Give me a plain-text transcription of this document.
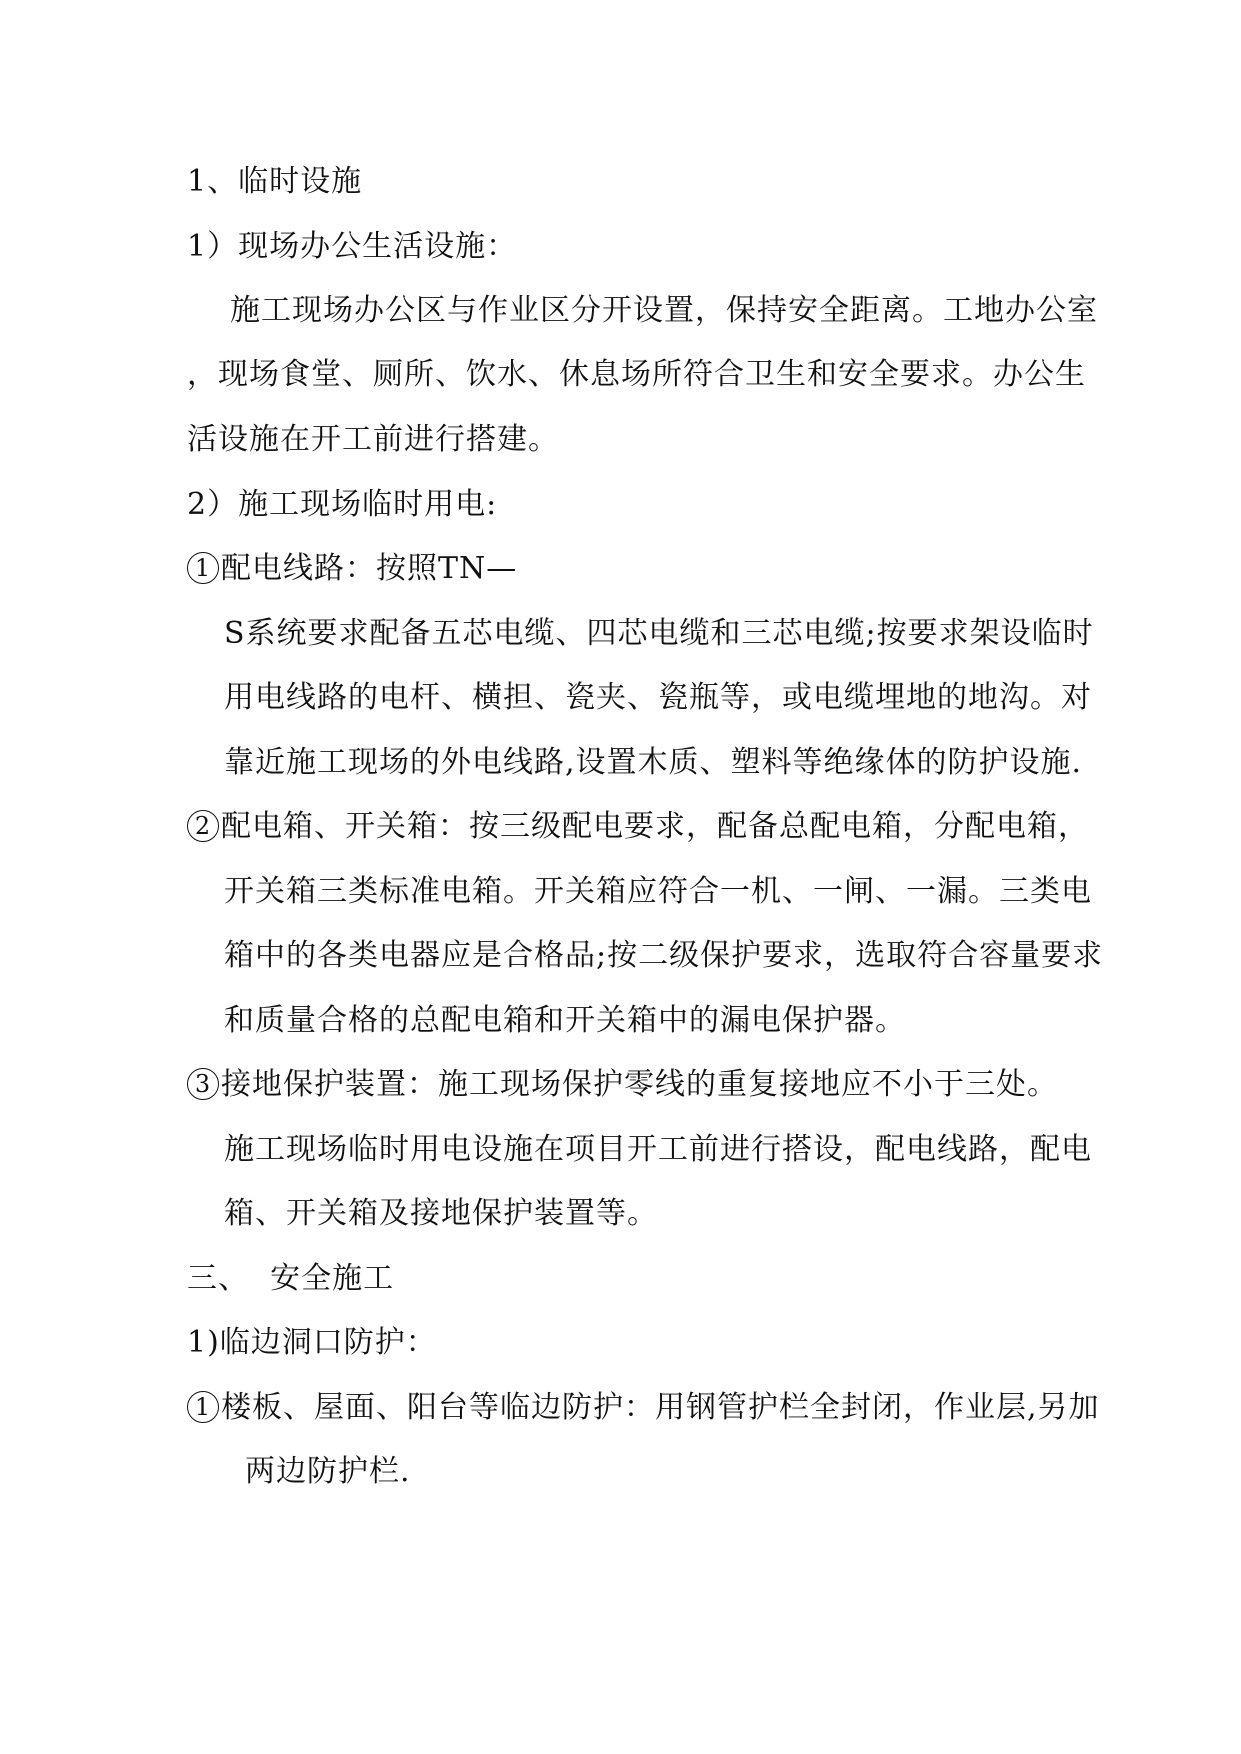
1、临时设施
1）现场办公生活设施：
施工现场办公区与作业区分开设置，保持安全距离。工地办公室
，现场食堂、厕所、饮水、休息场所符合卫生和安全要求。办公生
活设施在开工前进行搭建。
2）施工现场临时用电:
1 配电线路：按照TN—
S系统要求配备五芯电缆、四芯电缆和三芯电缆;按要求架设临时
用电线路的电杆、横担、瓷夹、瓷瓶等，或电缆埋地的地沟。对
靠近施工现场的外电线路,设置木质、塑料等绝缘体的防护设施.
2 配电箱、开关箱：按三级配电要求，配备总配电箱，分配电箱，
开关箱三类标准电箱。开关箱应符合一机、一闸、一漏。三类电
箱中的各类电器应是合格品;按二级保护要求，选取符合容量要求
和质量合格的总配电箱和开关箱中的漏电保护器。
3 接地保护装置：施工现场保护零线的重复接地应不小于三处。
施工现场临时用电设施在项目开工前进行搭设，配电线路，配电
箱、开关箱及接地保护装置等。
三、  安全施工
1)临边洞口防护：
1 楼板、屋面、阳台等临边防护：用钢管护栏全封闭，作业层,另加
两边防护栏.
